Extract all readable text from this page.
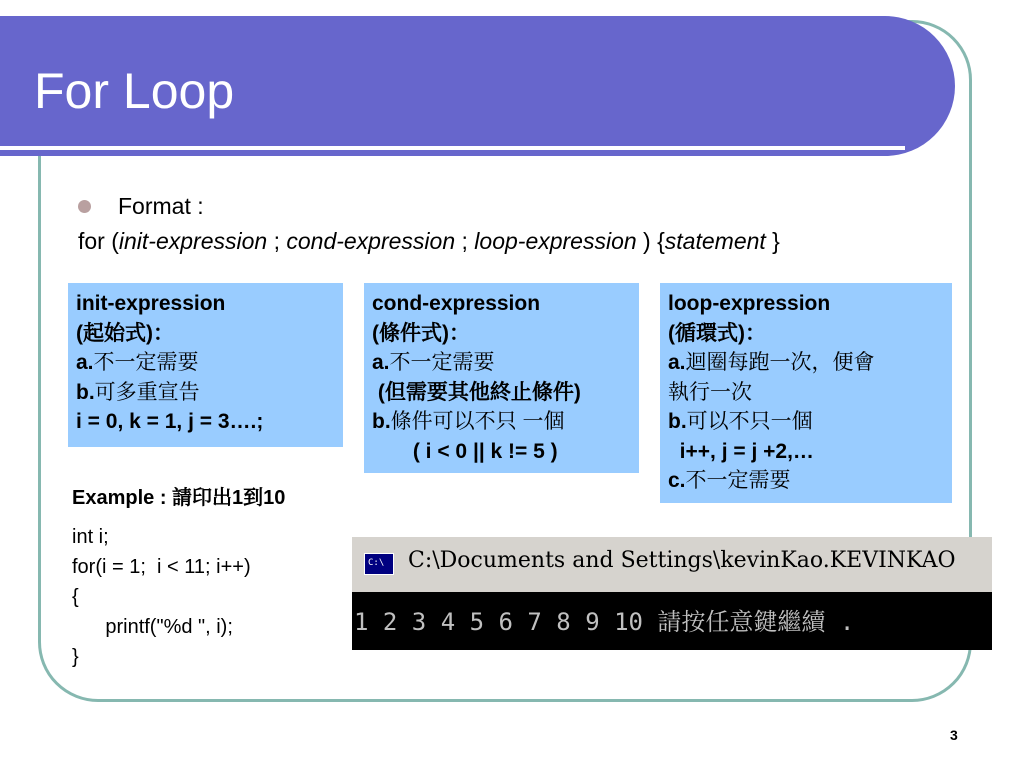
For Loop
Format :
for (init-expression ; cond-expression ; loop-expression ) {statement }
init-expression
(起始式)：
a.不一定需要
b.可多重宣告
i = 0, k = 1, j = 3….;
cond-expression
(條件式)：
a.不一定需要
(但需要其他終止條件)
b.條件可以不只 一個
( i < 0 || k != 5 )
loop-expression
(循環式)：
a.迴圈每跑一次，便會
執行一次
b.可以不只一個
i++, j = j +2,…
c.不一定需要
Example : 請印出1到10
int i;
for(i = 1;  i < 11; i++)
{
printf("%d ", i);
}
C:\ C:\Documents and Settings\kevinKao.KEVINKAO
1 2 3 4 5 6 7 8 9 10 請按任意鍵繼續 .
3
